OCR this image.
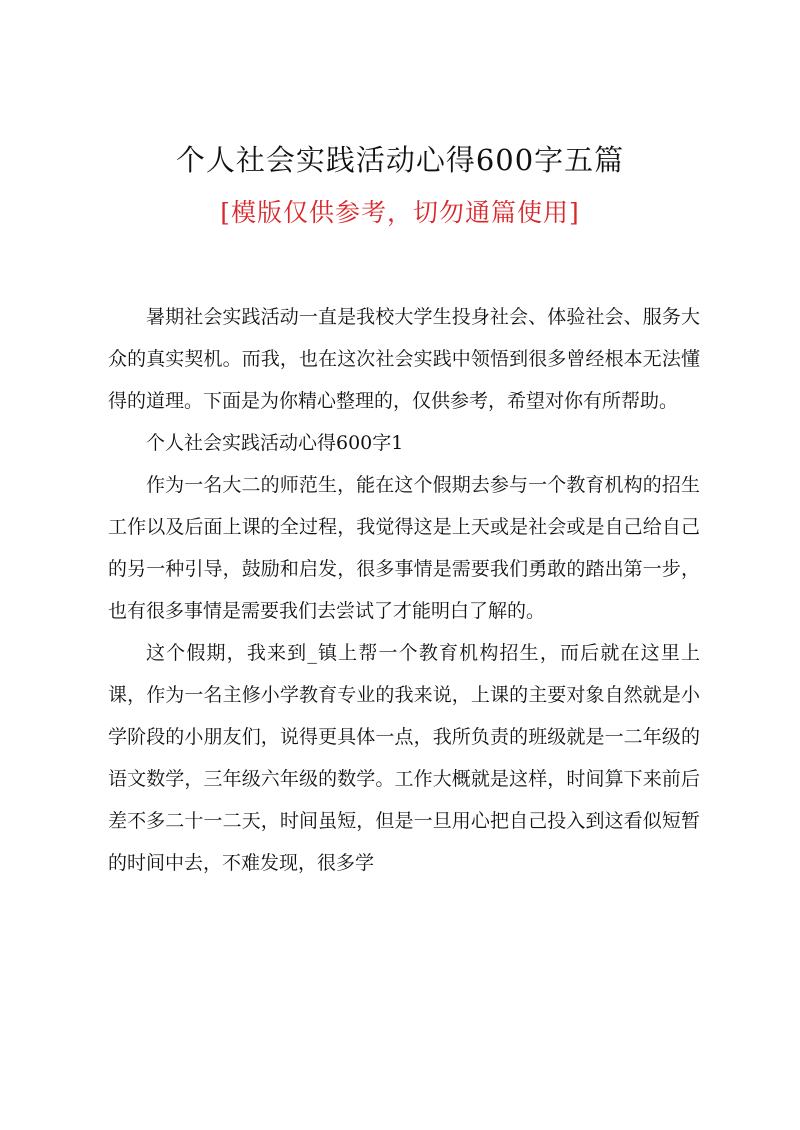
个人社会实践活动心得600字五篇
[模版仅供参考，切勿通篇使用]

暑期社会实践活动一直是我校大学生投身社会、体验社会、服务大众的真实契机。而我，也在这次社会实践中领悟到很多曾经根本无法懂得的道理。下面是为你精心整理的，仅供参考，希望对你有所帮助。

个人社会实践活动心得600字1

作为一名大二的师范生，能在这个假期去参与一个教育机构的招生工作以及后面上课的全过程，我觉得这是上天或是社会或是自己给自己的另一种引导，鼓励和启发，很多事情是需要我们勇敢的踏出第一步，也有很多事情是需要我们去尝试了才能明白了解的。

这个假期，我来到_镇上帮一个教育机构招生，而后就在这里上课，作为一名主修小学教育专业的我来说，上课的主要对象自然就是小学阶段的小朋友们，说得更具体一点，我所负责的班级就是一二年级的语文数学，三年级六年级的数学。工作大概就是这样，时间算下来前后差不多二十一二天，时间虽短，但是一旦用心把自己投入到这看似短暂的时间中去，不难发现，很多学
